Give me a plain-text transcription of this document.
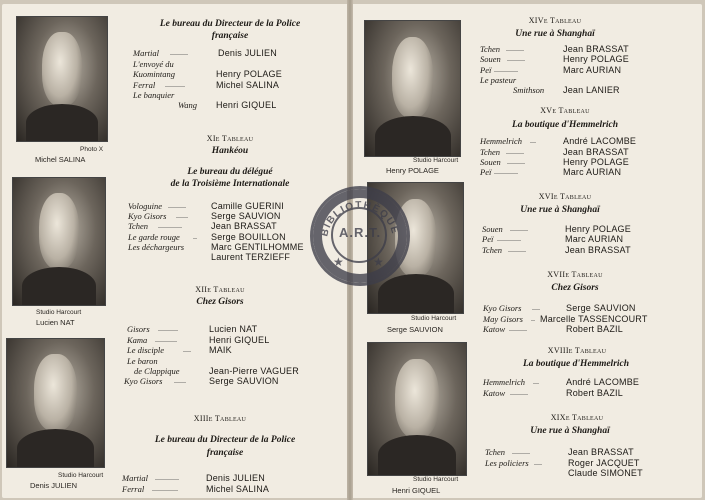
Photo X
Michel SALINA
Studio Harcourt
Lucien NAT
Studio Harcourt
Denis JULIEN
Le bureau du Directeur de la Police
française
Martial .........	Denis JULIEN
L'envoyé du
Kuomintang	Henry POLAGE
Ferral ..........	Michel SALINA
Le banquier
Wang Henri GIQUEL
XIe Tableau
Hankéou
Le bureau du délégué
de la Troisième Internationale
Vologuine .........	Camille GUERINI
Kyo Gisors ......	Serge SAUVION
Tchen ............	Jean BRASSAT
Le garde rouge .. Serge BOUILLON
Les déchargeurs	Marc GENTILHOMME
Laurent TERZIEFF
XIIe Tableau
Chez Gisors
Gisors ..........	Lucien NAT
Kama ...........	Henri GIQUEL
Le disciple .... MAIK
Le baron
de Clappique	Jean-Pierre VAGUER
Kyo Gisors ......	Serge SAUVION
XIIIe Tableau
Le bureau du Directeur de la Police
française
Martial ............	Denis JULIEN
Ferral .............	Michel SALINA
Studio Harcourt
Henry POLAGE
Studio Harcourt
Serge SAUVION
Studio Harcourt
Henri GIQUEL
XIVe Tableau
Une rue à Shanghaï
Tchen .........	Jean BRASSAT
Souen .........	Henry POLAGE
Peï ............	Marc AURIAN
Le pasteur
Smithson Jean LANIER
XVe Tableau
La boutique d'Hemmelrich
Hemmelrich ...	André LACOMBE
Tchen .........	Jean BRASSAT
Souen .........	Henry POLAGE
Peï ............	Marc AURIAN
XVIe Tableau
Une rue à Shanghaï
Souen .........	Henry POLAGE
Peï ............	Marc AURIAN
Tchen .........	Jean BRASSAT
XVIIe Tableau
Chez Gisors
Kyo Gisors ....	Serge SAUVION
May Gisors .. Marcelle TASSENCOURT
Katow .........	Robert BAZIL
XVIIIe Tableau
La boutique d'Hemmelrich
Hemmelrich ...	André LACOMBE
Katow .........	Robert BAZIL
XIXe Tableau
Une rue à Shanghaï
Tchen .........	Jean BRASSAT
Les policiers ....	Roger JACQUET
Claude SIMONET
BIBLIOTHÈQUE
A.R.T.
★ ★
